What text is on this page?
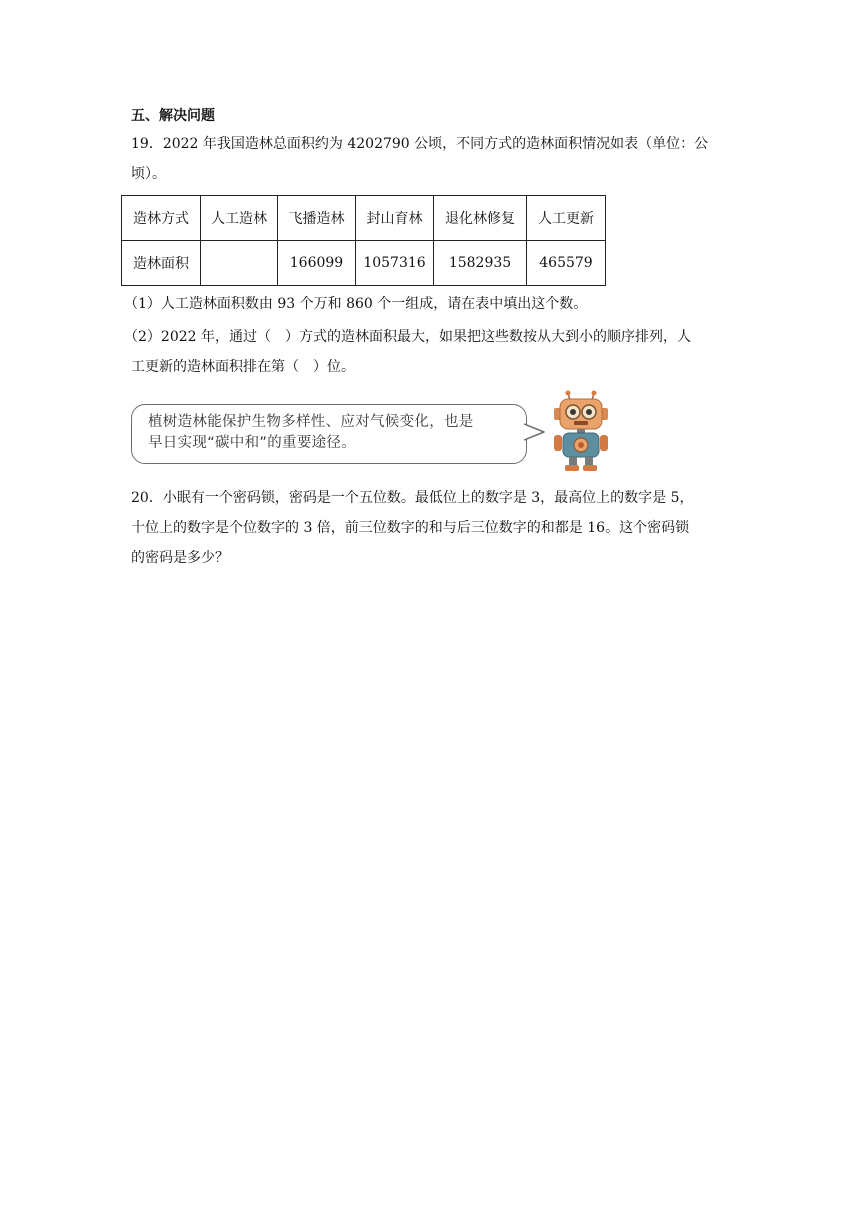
五、解决问题
19．2022 年我国造林总面积约为 4202790 公顷，不同方式的造林面积情况如表（单位：公
顷）。
造林方式	人工造林	飞播造林	封山育林	退化林修复	人工更新
造林面积		166099	1057316	1582935	465579
（1）人工造林面积数由 93 个万和 860 个一组成，请在表中填出这个数。
（2）2022 年，通过（　）方式的造林面积最大，如果把这些数按从大到小的顺序排列，人
工更新的造林面积排在第（　）位。
植树造林能保护生物多样性、应对气候变化，也是
早日实现“碳中和”的重要途径。
20．小眠有一个密码锁，密码是一个五位数。最低位上的数字是 3，最高位上的数字是 5，
十位上的数字是个位数字的 3 倍，前三位数字的和与后三位数字的和都是 16。这个密码锁
的密码是多少？
